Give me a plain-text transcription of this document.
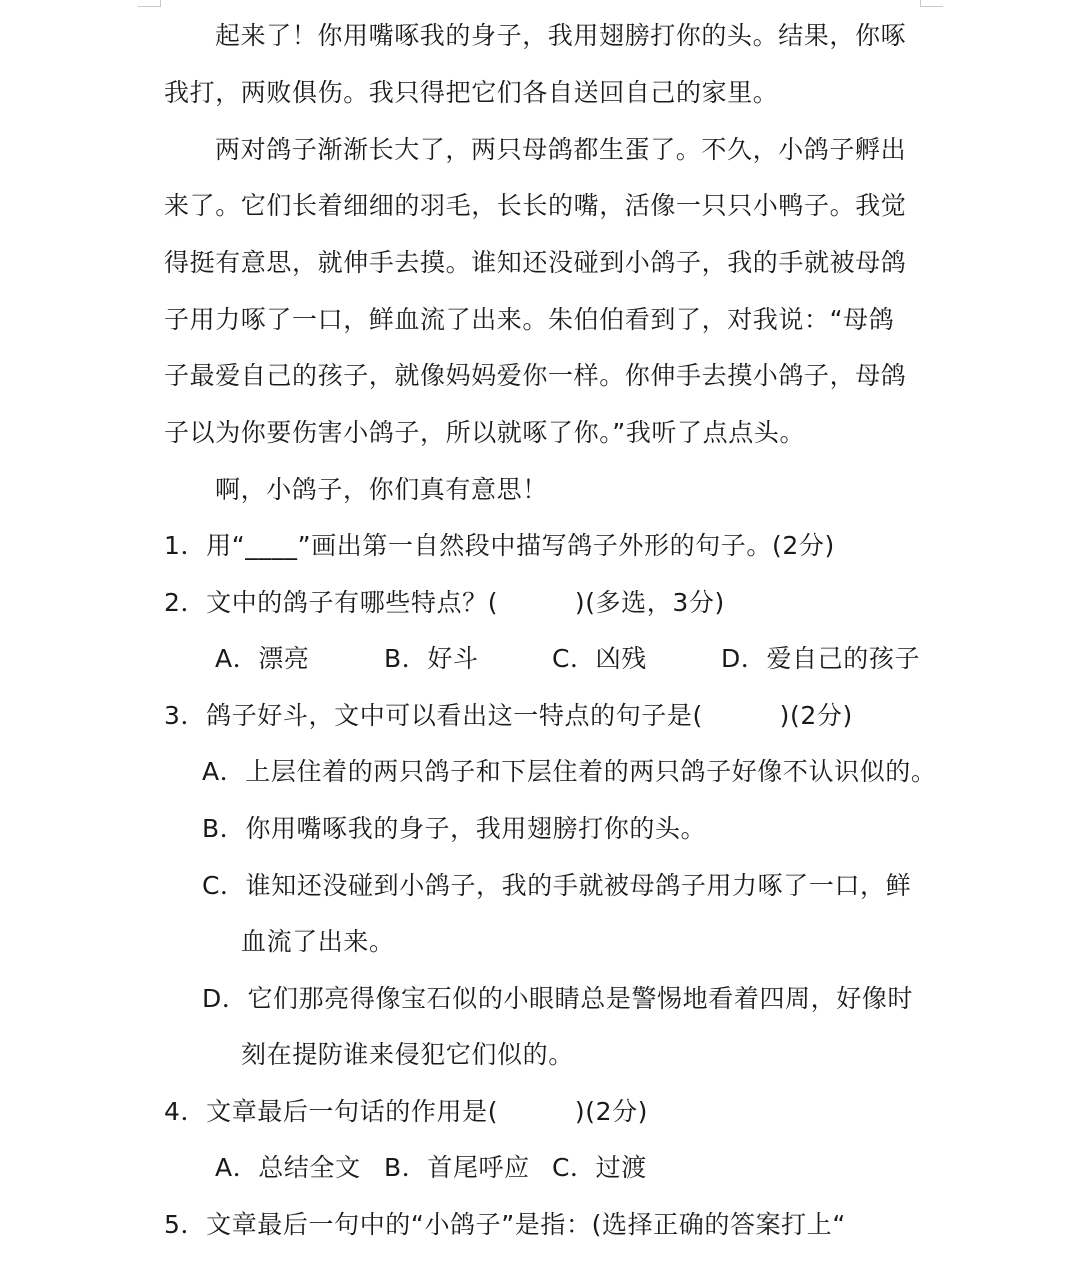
起来了！你用嘴啄我的身子，我用翅膀打你的头。结果，你啄
我打，两败俱伤。我只得把它们各自送回自己的家里。
两对鸽子渐渐长大了，两只母鸽都生蛋了。不久，小鸽子孵出
来了。它们长着细细的羽毛，长长的嘴，活像一只只小鸭子。我觉
得挺有意思，就伸手去摸。谁知还没碰到小鸽子，我的手就被母鸽
子用力啄了一口，鲜血流了出来。朱伯伯看到了，对我说：“母鸽
子最爱自己的孩子，就像妈妈爱你一样。你伸手去摸小鸽子，母鸽
子以为你要伤害小鸽子，所以就啄了你。”我听了点点头。
啊，小鸽子，你们真有意思！
1．用“____”画出第一自然段中描写鸽子外形的句子。(2分)
2．文中的鸽子有哪些特点？(　　　)(多选，3分)
A．漂亮	B．好斗	C．凶残	D．爱自己的孩子
3．鸽子好斗，文中可以看出这一特点的句子是(　　　)(2分)
A．上层住着的两只鸽子和下层住着的两只鸽子好像不认识似的。
B．你用嘴啄我的身子，我用翅膀打你的头。
C．谁知还没碰到小鸽子，我的手就被母鸽子用力啄了一口，鲜
血流了出来。
D．它们那亮得像宝石似的小眼睛总是警惕地看着四周，好像时
刻在提防谁来侵犯它们似的。
4．文章最后一句话的作用是(　　　)(2分)
A．总结全文 B．首尾呼应 C．过渡
5．文章最后一句中的“小鸽子”是指：(选择正确的答案打上“
